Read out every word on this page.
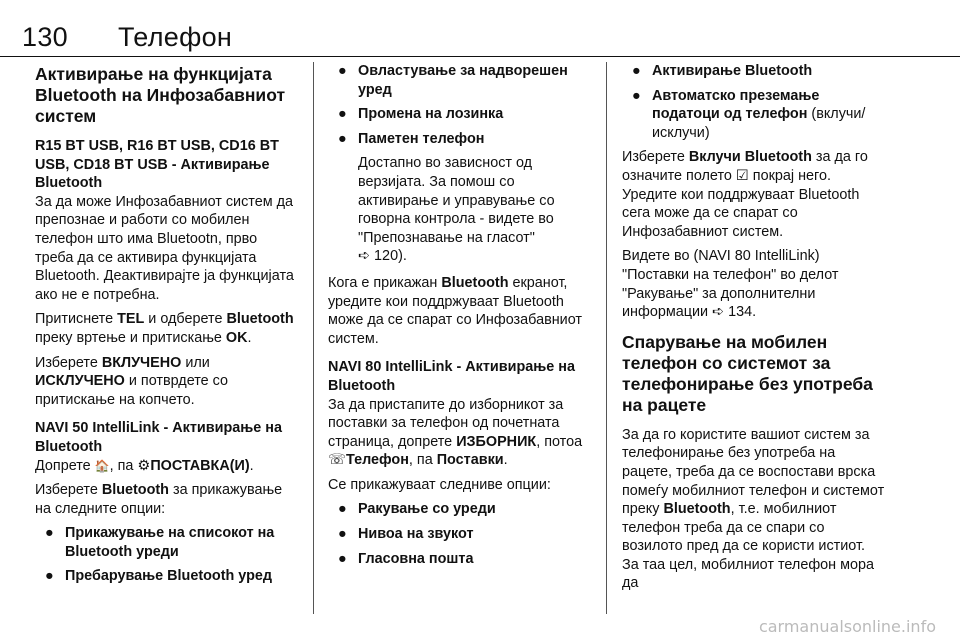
130 Телефон
Активирање на функцијата Bluetooth на Инфозабавниот систем
R15 BT USB, R16 BT USB, CD16 BT USB, CD18 BT USB - Активирање Bluetooth

За да може Инфозабавниот систем да препознае и работи со мобилен телефон што има Bluetootn, прво треба да се активира функцијата Bluetooth. Деактивирајте ја функцијата ако не е потребна.

Притиснете TEL и одберете Bluetooth преку вртење и притискање OK.

Изберете ВКЛУЧЕНО или ИСКЛУЧЕНО и потврдете со притискање на копчето.

NAVI 50 IntelliLink - Активирање на Bluetooth

Допрете 🏠, па ⚙ПОСТАВКА(И).

Изберете Bluetooth за прикажување на следните опции:

● Прикажување на списокот на Bluetooth уреди
● Пребарување Bluetooth уред
● Овластување за надворешен уред
● Промена на лозинка
● Паметен телефон
Достапно во зависност од верзијата. За помош со активирање и управување со говорна контрола - видете во "Препознавање на гласот"
➪ 120).

Кога е прикажан Bluetooth екранот, уредите кои поддржуваат Bluetooth може да се спарат со Инфозабавниот систем.

NAVI 80 IntelliLink - Активирање на Bluetooth

За да пристапите до изборникот за поставки за телефон од почетната страница, допрете ИЗБОРНИК, потоа ☏Телефон, па Поставки.

Се прикажуваат следниве опции:

● Ракување со уреди
● Нивоа на звукот
● Гласовна пошта
● Активирање Bluetooth
● Автоматско преземање податоци од телефон (вклучи/ исклучи)

Изберете Вклучи Bluetooth за да го означите полето ☑ покрај него. Уредите кои поддржуваат Bluetooth сега може да се спарат со Инфозабавниот систем.

Видете во (NAVI 80 IntelliLink) "Поставки на телефон" во делот "Ракување" за дополнителни информации ➪ 134.

Спарување на мобилен телефон со системот за телефонирање без употреба на рацете

За да го користите вашиот систем за телефонирање без употреба на рацете, треба да се воспостави врска помеѓу мобилниот телефон и системот преку Bluetooth, т.е. мобилниот телефон треба да се спари со возилото пред да се користи истиот. За таа цел, мобилниот телефон мора да

carmanualsonline.info
